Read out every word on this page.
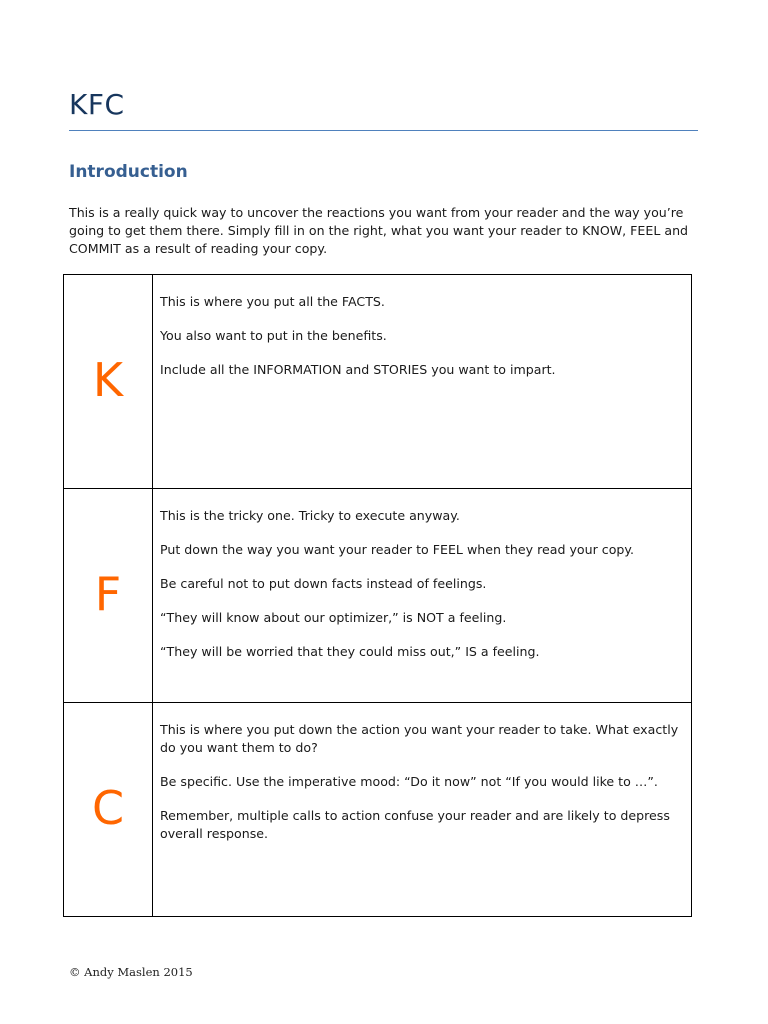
KFC
Introduction
This is a really quick way to uncover the reactions you want from your reader and the way you’re going to get them there. Simply fill in on the right, what you want your reader to KNOW, FEEL and COMMIT as a result of reading your copy.
K	This is where you put all the FACTS.

You also want to put in the benefits.

Include all the INFORMATION and STORIES you want to impart.

F	This is the tricky one. Tricky to execute anyway.

Put down the way you want your reader to FEEL when they read your copy.

Be careful not to put down facts instead of feelings.

“They will know about our optimizer,” is NOT a feeling.

“They will be worried that they could miss out,” IS a feeling.

C	This is where you put down the action you want your reader to take. What exactly do you want them to do?

Be specific. Use the imperative mood: “Do it now” not “If you would like to …”.

Remember, multiple calls to action confuse your reader and are likely to depress overall response.

© Andy Maslen 2015
